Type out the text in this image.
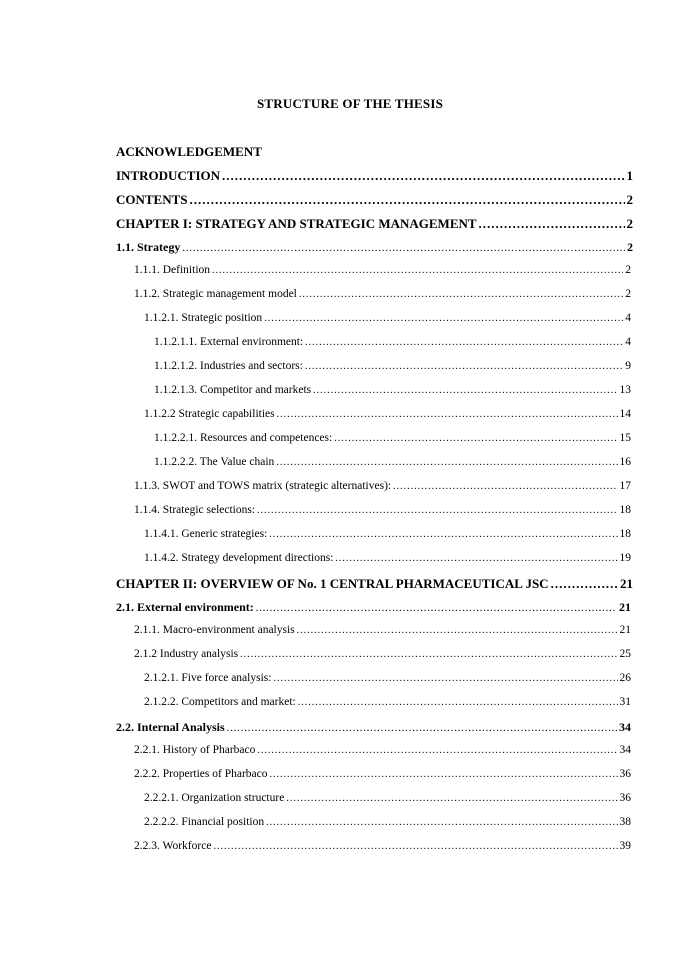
STRUCTURE OF THE THESIS
ACKNOWLEDGEMENT
INTRODUCTION .....	1
CONTENTS .....	2
CHAPTER I: STRATEGY AND STRATEGIC MANAGEMENT .....	2
1.1. Strategy .....	2
1.1.1. Definition .....	2
1.1.2. Strategic management model .....	2
1.1.2.1. Strategic position .....	4
1.1.2.1.1. External environment: .....	4
1.1.2.1.2. Industries and sectors: .....	9
1.1.2.1.3. Competitor and markets .....	13
1.1.2.2 Strategic capabilities .....	14
1.1.2.2.1. Resources and competences: .....	15
1.1.2.2.2. The Value chain .....	16
1.1.3. SWOT and TOWS matrix (strategic alternatives): .....	17
1.1.4. Strategic selections: .....	18
1.1.4.1. Generic strategies: .....	18
1.1.4.2. Strategy development directions: .....	19
CHAPTER II: OVERVIEW OF No. 1 CENTRAL PHARMACEUTICAL JSC .....	21
2.1. External environment: .....	21
2.1.1. Macro-environment analysis .....	21
2.1.2 Industry analysis .....	25
2.1.2.1. Five force analysis: .....	26
2.1.2.2. Competitors and market: .....	31
2.2. Internal Analysis .....	34
2.2.1. History of Pharbaco .....	34
2.2.2. Properties of Pharbaco .....	36
2.2.2.1. Organization structure .....	36
2.2.2.2. Financial position .....	38
2.2.3. Workforce .....	39
